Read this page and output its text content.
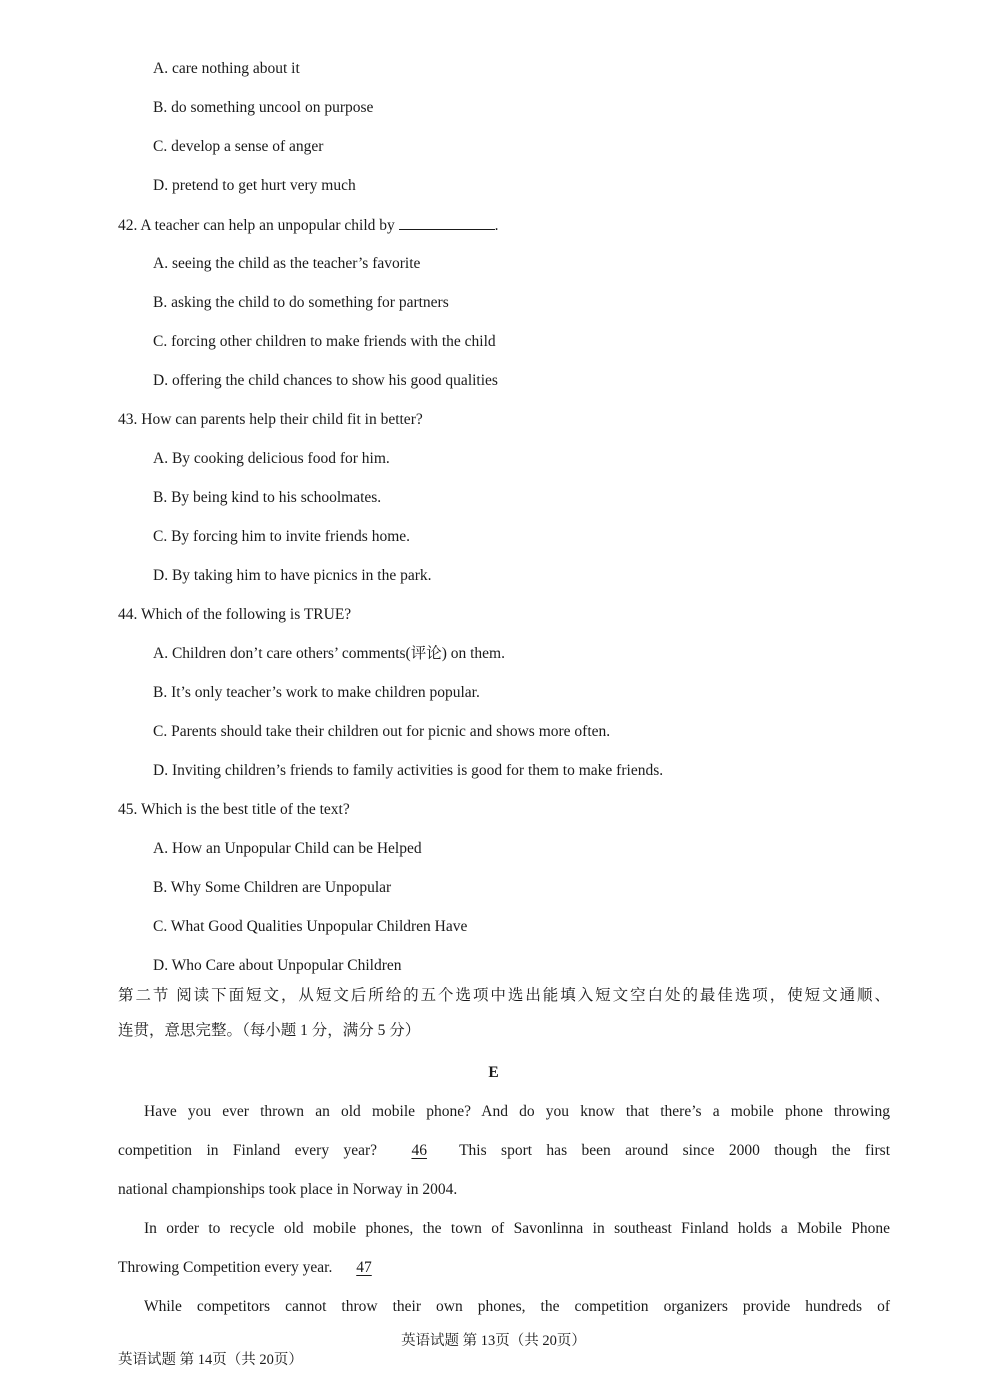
A. care nothing about it
B. do something uncool on purpose
C. develop a sense of anger
D. pretend to get hurt very much
42. A teacher can help an unpopular child by	.
A. seeing the child as the teacher’s favorite
B. asking the child to do something for partners
C. forcing other children to make friends with the child
D. offering the child chances to show his good qualities
43. How can parents help their child fit in better?
A. By cooking delicious food for him.
B. By being kind to his schoolmates.
C. By forcing him to invite friends home.
D. By taking him to have picnics in the park.
44. Which of the following is TRUE?
A. Children don’t care others’ comments(评论) on them.
B. It’s only teacher’s work to make children popular.
C. Parents should take their children out for picnic and shows more often.
D. Inviting children’s friends to family activities is good for them to make friends.
45. Which is the best title of the text?
A. How an Unpopular Child can be Helped
B. Why Some Children are Unpopular
C. What Good Qualities Unpopular Children Have
D. Who Care about Unpopular Children
第二节 阅读下面短文，从短文后所给的五个选项中选出能填入短文空白处的最佳选项，使短文通顺、
连贯，意思完整。（每小题 1 分，满分 5 分）
E
Have you ever thrown an old mobile phone? And do you know that there’s a mobile phone throwing
competition in Finland every year? 46 This sport has been around since 2000 though the first
national championships took place in Norway in 2004.
In order to recycle old mobile phones, the town of Savonlinna in southeast Finland holds a Mobile Phone
Throwing Competition every year. 47
While competitors cannot throw their own phones, the competition organizers provide hundreds of
英语试题 第 13页（共 20页）
英语试题 第 14页（共 20页）
